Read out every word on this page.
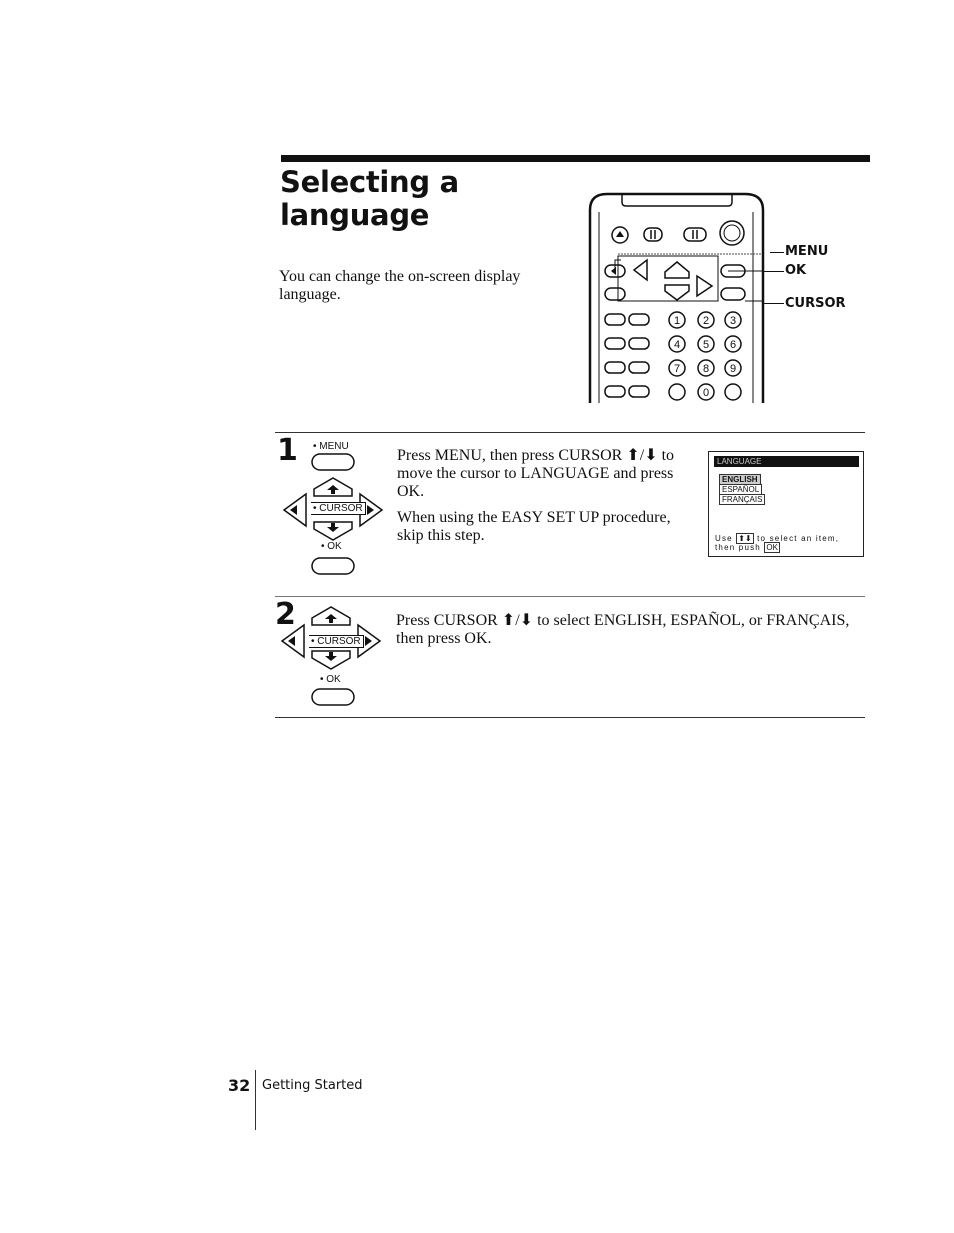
Selecting a
language
You can change the on-screen display language.
1 2 3
4 5 6
7 8 9
0
MENU
OK
CURSOR
1 • MENU
• CURSOR
• OK
Press MENU, then press CURSOR ⬆/⬇ to move the cursor to LANGUAGE and press OK.
When using the EASY SET UP procedure, skip this step.
LANGUAGE
ENGLISH
ESPAÑOL
FRANÇAIS
Use ⬆⬇ to select an item, then push OK
2
• CURSOR
• OK
Press CURSOR ⬆/⬇ to select ENGLISH, ESPAÑOL, or FRANÇAIS, then press OK.
32 Getting Started
